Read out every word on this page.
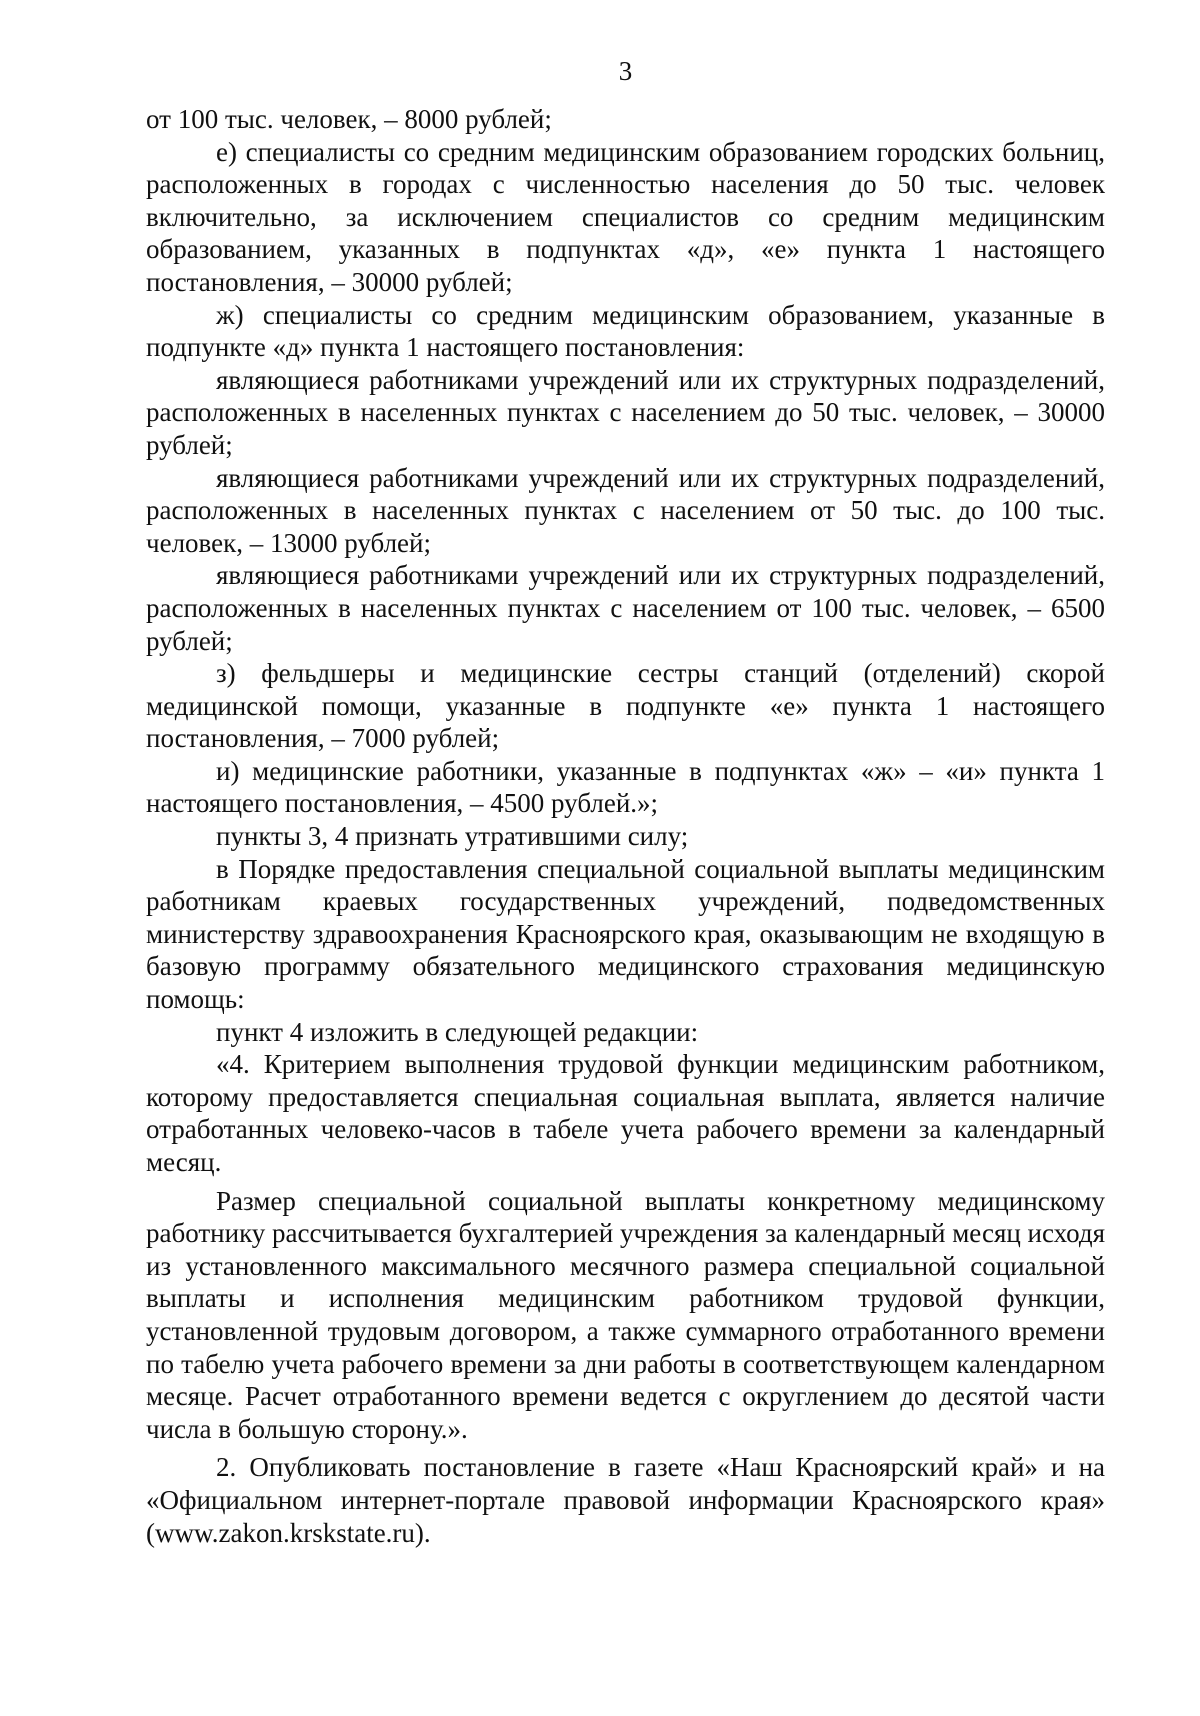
3

от 100 тыс. человек, – 8000 рублей;

е) специалисты со средним медицинским образованием городских больниц, расположенных в городах с численностью населения до 50 тыс. человек включительно, за исключением специалистов со средним медицинским образованием, указанных в подпунктах «д», «е» пункта 1 настоящего постановления, – 30000 рублей;

ж) специалисты со средним медицинским образованием, указанные в подпункте «д» пункта 1 настоящего постановления:

являющиеся работниками учреждений или их структурных подразделений, расположенных в населенных пунктах с населением до 50 тыс. человек, – 30000 рублей;

являющиеся работниками учреждений или их структурных подразделений, расположенных в населенных пунктах с населением от 50 тыс. до 100 тыс. человек, – 13000 рублей;

являющиеся работниками учреждений или их структурных подразделений, расположенных в населенных пунктах с населением от 100 тыс. человек, – 6500 рублей;

з) фельдшеры и медицинские сестры станций (отделений) скорой медицинской помощи, указанные в подпункте «е» пункта 1 настоящего постановления, – 7000 рублей;

и) медицинские работники, указанные в подпунктах «ж» – «и» пункта 1 настоящего постановления, – 4500 рублей.»;

пункты 3, 4 признать утратившими силу;

в Порядке предоставления специальной социальной выплаты медицинским работникам краевых государственных учреждений, подведомственных министерству здравоохранения Красноярского края, оказывающим не входящую в базовую программу обязательного медицинского страхования медицинскую помощь:

пункт 4 изложить в следующей редакции:

«4. Критерием выполнения трудовой функции медицинским работником, которому предоставляется специальная социальная выплата, является наличие отработанных человеко-часов в табеле учета рабочего времени за календарный месяц.

Размер специальной социальной выплаты конкретному медицинскому работнику рассчитывается бухгалтерией учреждения за календарный месяц исходя из установленного максимального месячного размера специальной социальной выплаты и исполнения медицинским работником трудовой функции, установленной трудовым договором, а также суммарного отработанного времени по табелю учета рабочего времени за дни работы в соответствующем календарном месяце. Расчет отработанного времени ведется с округлением до десятой части числа в большую сторону.».

2. Опубликовать постановление в газете «Наш Красноярский край» и на «Официальном интернет-портале правовой информации Красноярского края» (www.zakon.krskstate.ru).
